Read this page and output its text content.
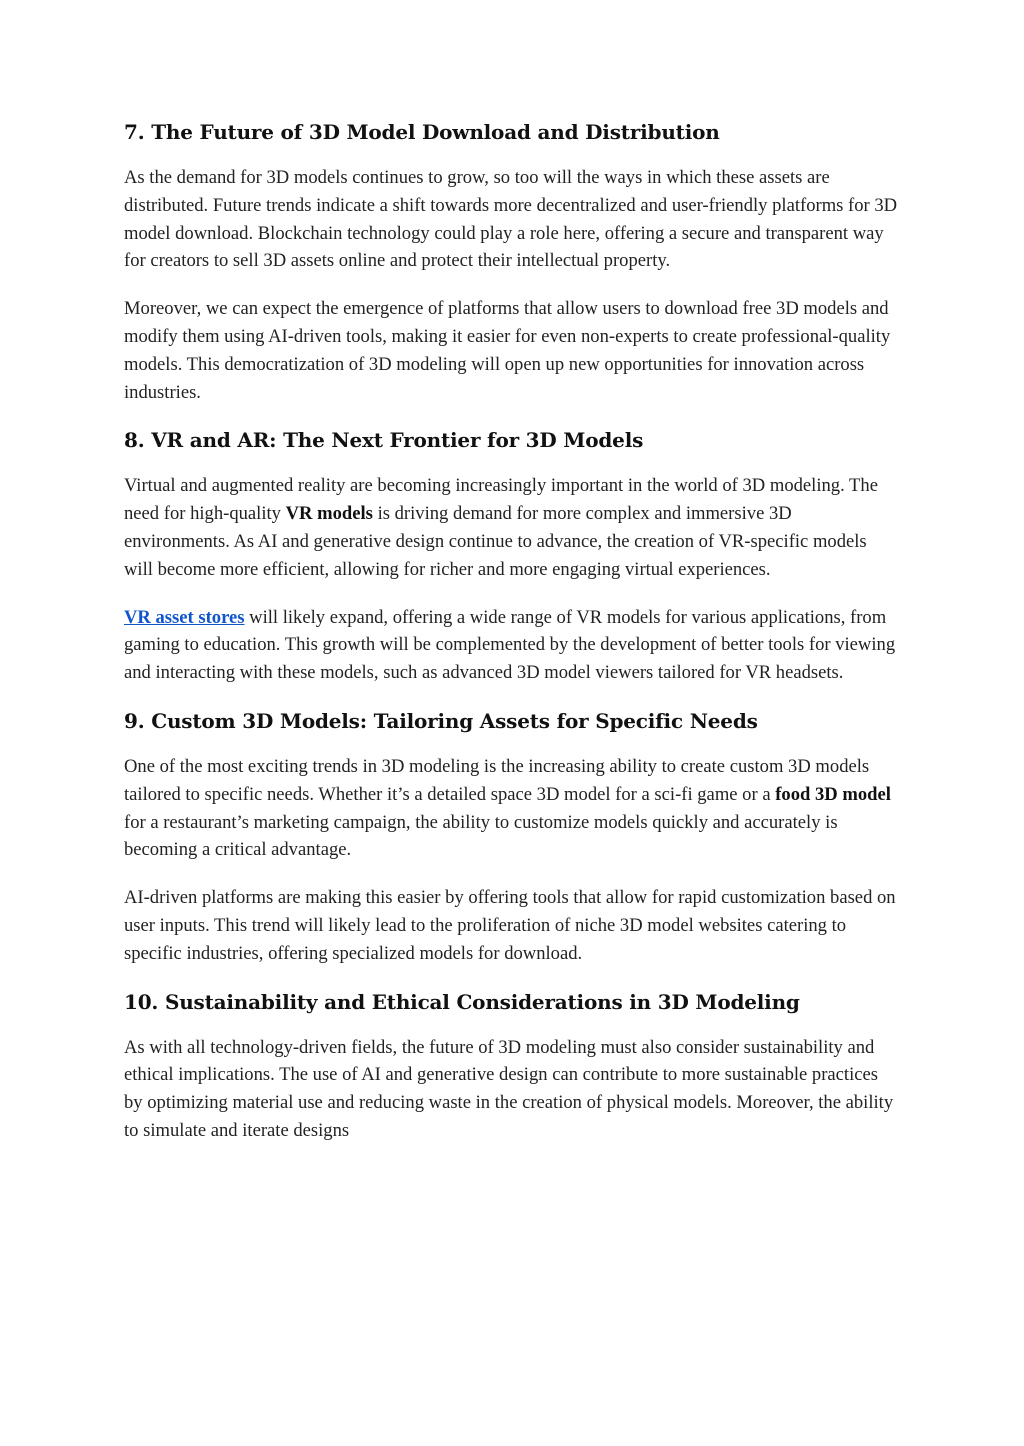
7. The Future of 3D Model Download and Distribution

As the demand for 3D models continues to grow, so too will the ways in which these assets are distributed. Future trends indicate a shift towards more decentralized and user-friendly platforms for 3D model download. Blockchain technology could play a role here, offering a secure and transparent way for creators to sell 3D assets online and protect their intellectual property.

Moreover, we can expect the emergence of platforms that allow users to download free 3D models and modify them using AI-driven tools, making it easier for even non-experts to create professional-quality models. This democratization of 3D modeling will open up new opportunities for innovation across industries.

8. VR and AR: The Next Frontier for 3D Models

Virtual and augmented reality are becoming increasingly important in the world of 3D modeling. The need for high-quality VR models is driving demand for more complex and immersive 3D environments. As AI and generative design continue to advance, the creation of VR-specific models will become more efficient, allowing for richer and more engaging virtual experiences.

VR asset stores will likely expand, offering a wide range of VR models for various applications, from gaming to education. This growth will be complemented by the development of better tools for viewing and interacting with these models, such as advanced 3D model viewers tailored for VR headsets.

9. Custom 3D Models: Tailoring Assets for Specific Needs

One of the most exciting trends in 3D modeling is the increasing ability to create custom 3D models tailored to specific needs. Whether it’s a detailed space 3D model for a sci-fi game or a food 3D model for a restaurant’s marketing campaign, the ability to customize models quickly and accurately is becoming a critical advantage.

AI-driven platforms are making this easier by offering tools that allow for rapid customization based on user inputs. This trend will likely lead to the proliferation of niche 3D model websites catering to specific industries, offering specialized models for download.

10. Sustainability and Ethical Considerations in 3D Modeling

As with all technology-driven fields, the future of 3D modeling must also consider sustainability and ethical implications. The use of AI and generative design can contribute to more sustainable practices by optimizing material use and reducing waste in the creation of physical models. Moreover, the ability to simulate and iterate designs
